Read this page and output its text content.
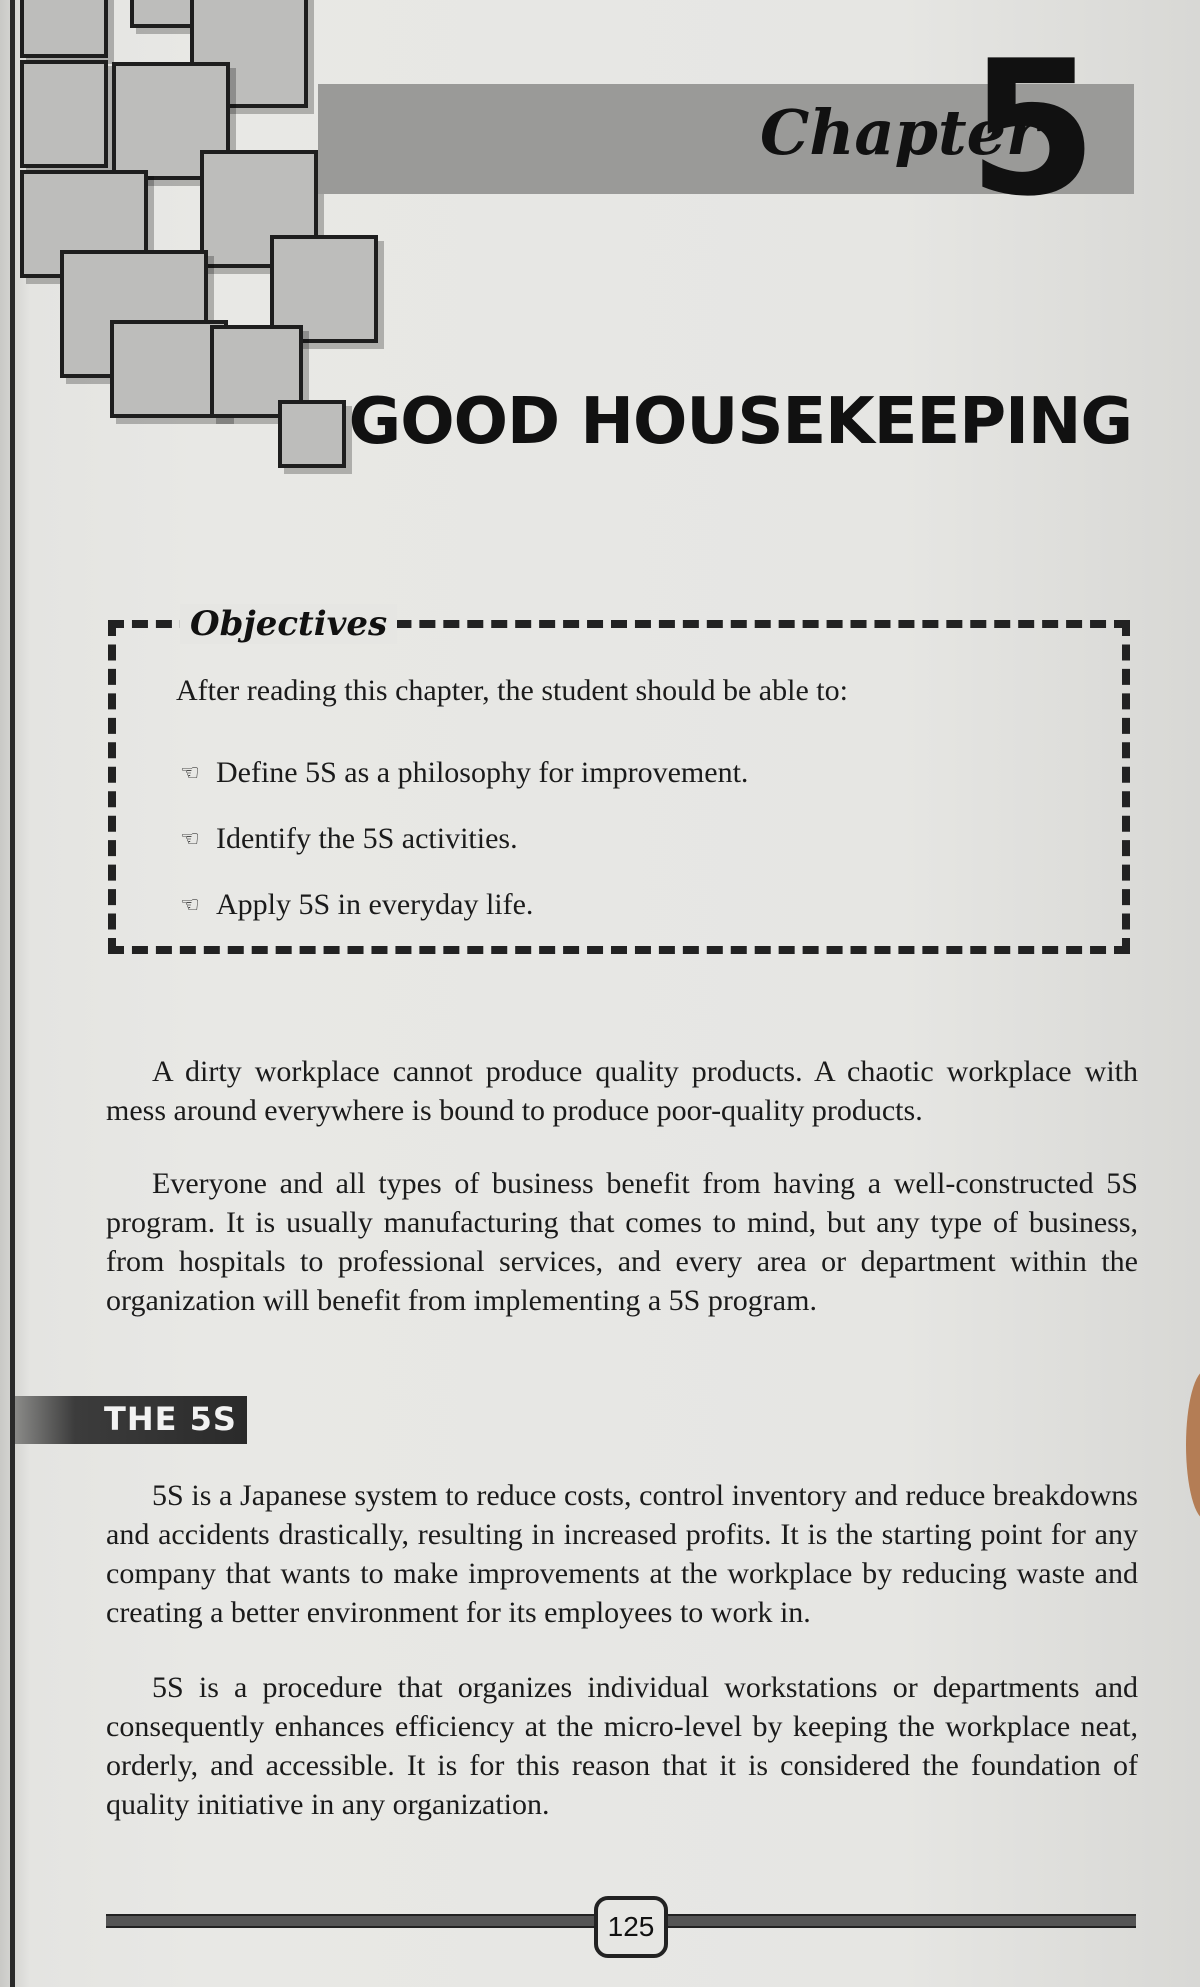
Chapter
5
GOOD HOUSEKEEPING
Objectives
After reading this chapter, the student should be able to:
☜ Define 5S as a philosophy for improvement.
☜ Identify the 5S activities.
☜ Apply 5S in everyday life.

A dirty workplace cannot produce quality products. A chaotic workplace with mess around everywhere is bound to produce poor-quality products.

Everyone and all types of business benefit from having a well-constructed 5S program. It is usually manufacturing that comes to mind, but any type of business, from hospitals to professional services, and every area or department within the organization will benefit from implementing a 5S program.

THE 5S

5S is a Japanese system to reduce costs, control inventory and reduce breakdowns and accidents drastically, resulting in increased profits. It is the starting point for any company that wants to make improvements at the workplace by reducing waste and creating a better environment for its employees to work in.

5S is a procedure that organizes individual workstations or departments and consequently enhances efficiency at the micro-level by keeping the workplace neat, orderly, and accessible. It is for this reason that it is considered the foundation of quality initiative in any organization.

125
